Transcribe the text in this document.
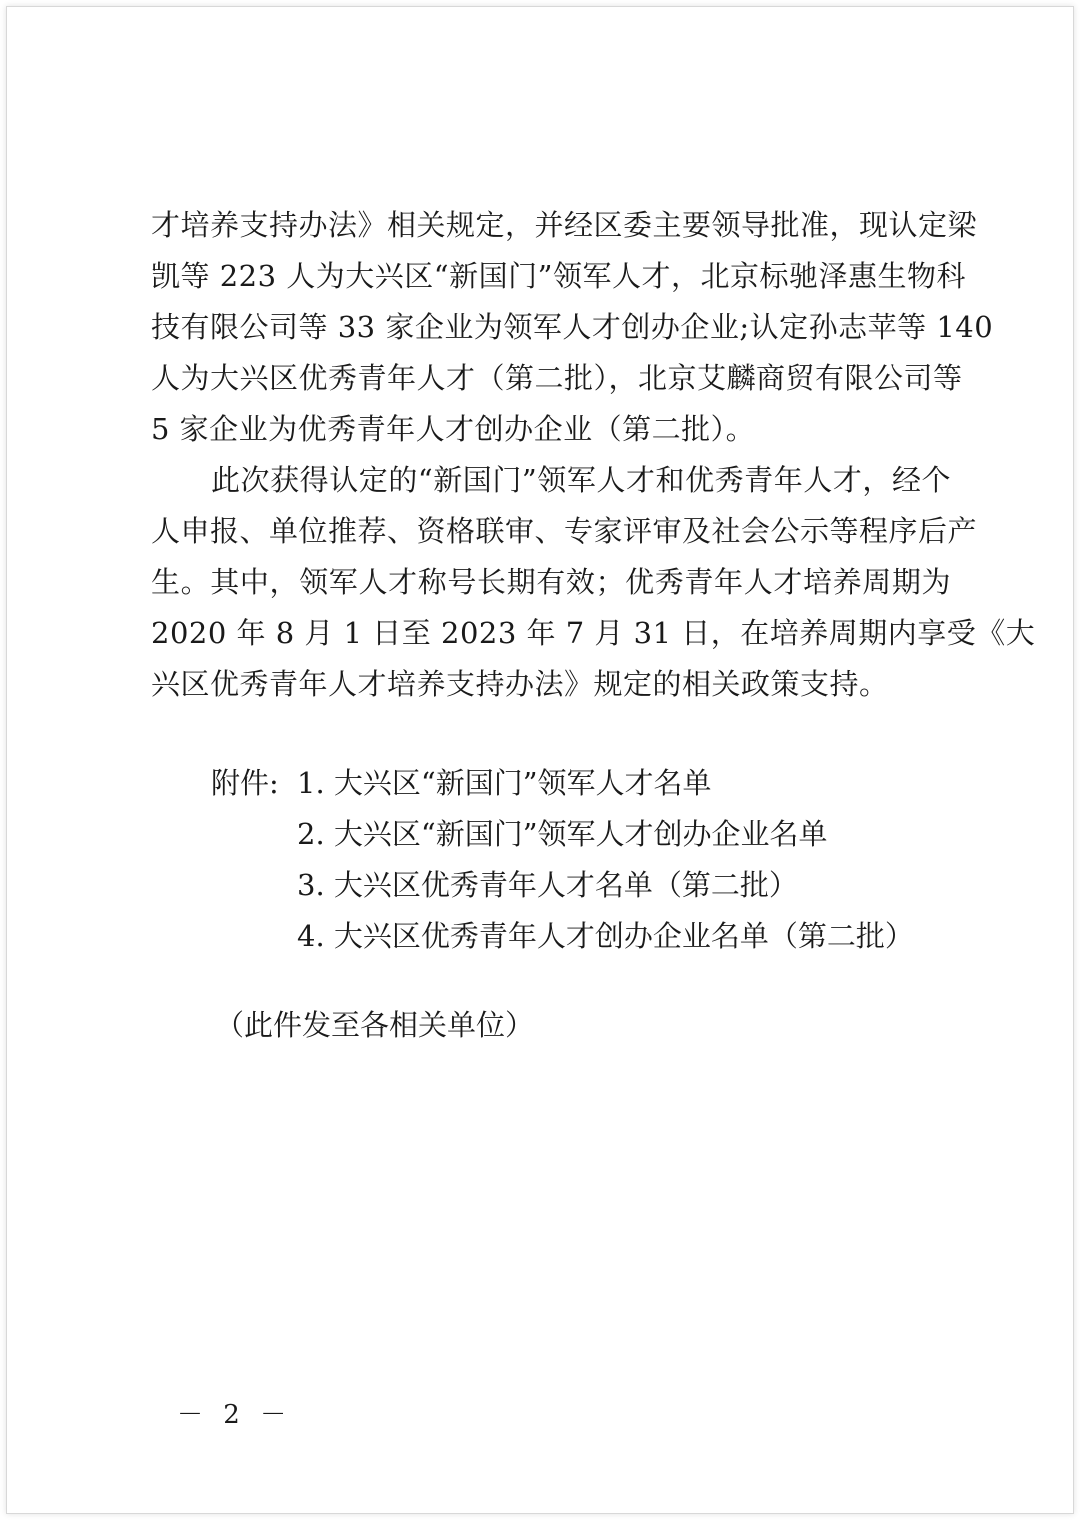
才培养支持办法》相关规定，并经区委主要领导批准，现认定梁
凯等 223 人为大兴区“新国门”领军人才，北京标驰泽惠生物科
技有限公司等 33 家企业为领军人才创办企业;认定孙志苹等 140
人为大兴区优秀青年人才（第二批），北京艾麟商贸有限公司等
5 家企业为优秀青年人才创办企业（第二批）。
此次获得认定的“新国门”领军人才和优秀青年人才，经个
人申报、单位推荐、资格联审、专家评审及社会公示等程序后产
生。其中，领军人才称号长期有效；优秀青年人才培养周期为
2020 年 8 月 1 日至 2023 年 7 月 31 日，在培养周期内享受《大
兴区优秀青年人才培养支持办法》规定的相关政策支持。
附件: 1. 大兴区“新国门”领军人才名单
2. 大兴区“新国门”领军人才创办企业名单
3. 大兴区优秀青年人才名单（第二批）
4. 大兴区优秀青年人才创办企业名单（第二批）
（此件发至各相关单位）
－ 2 －
